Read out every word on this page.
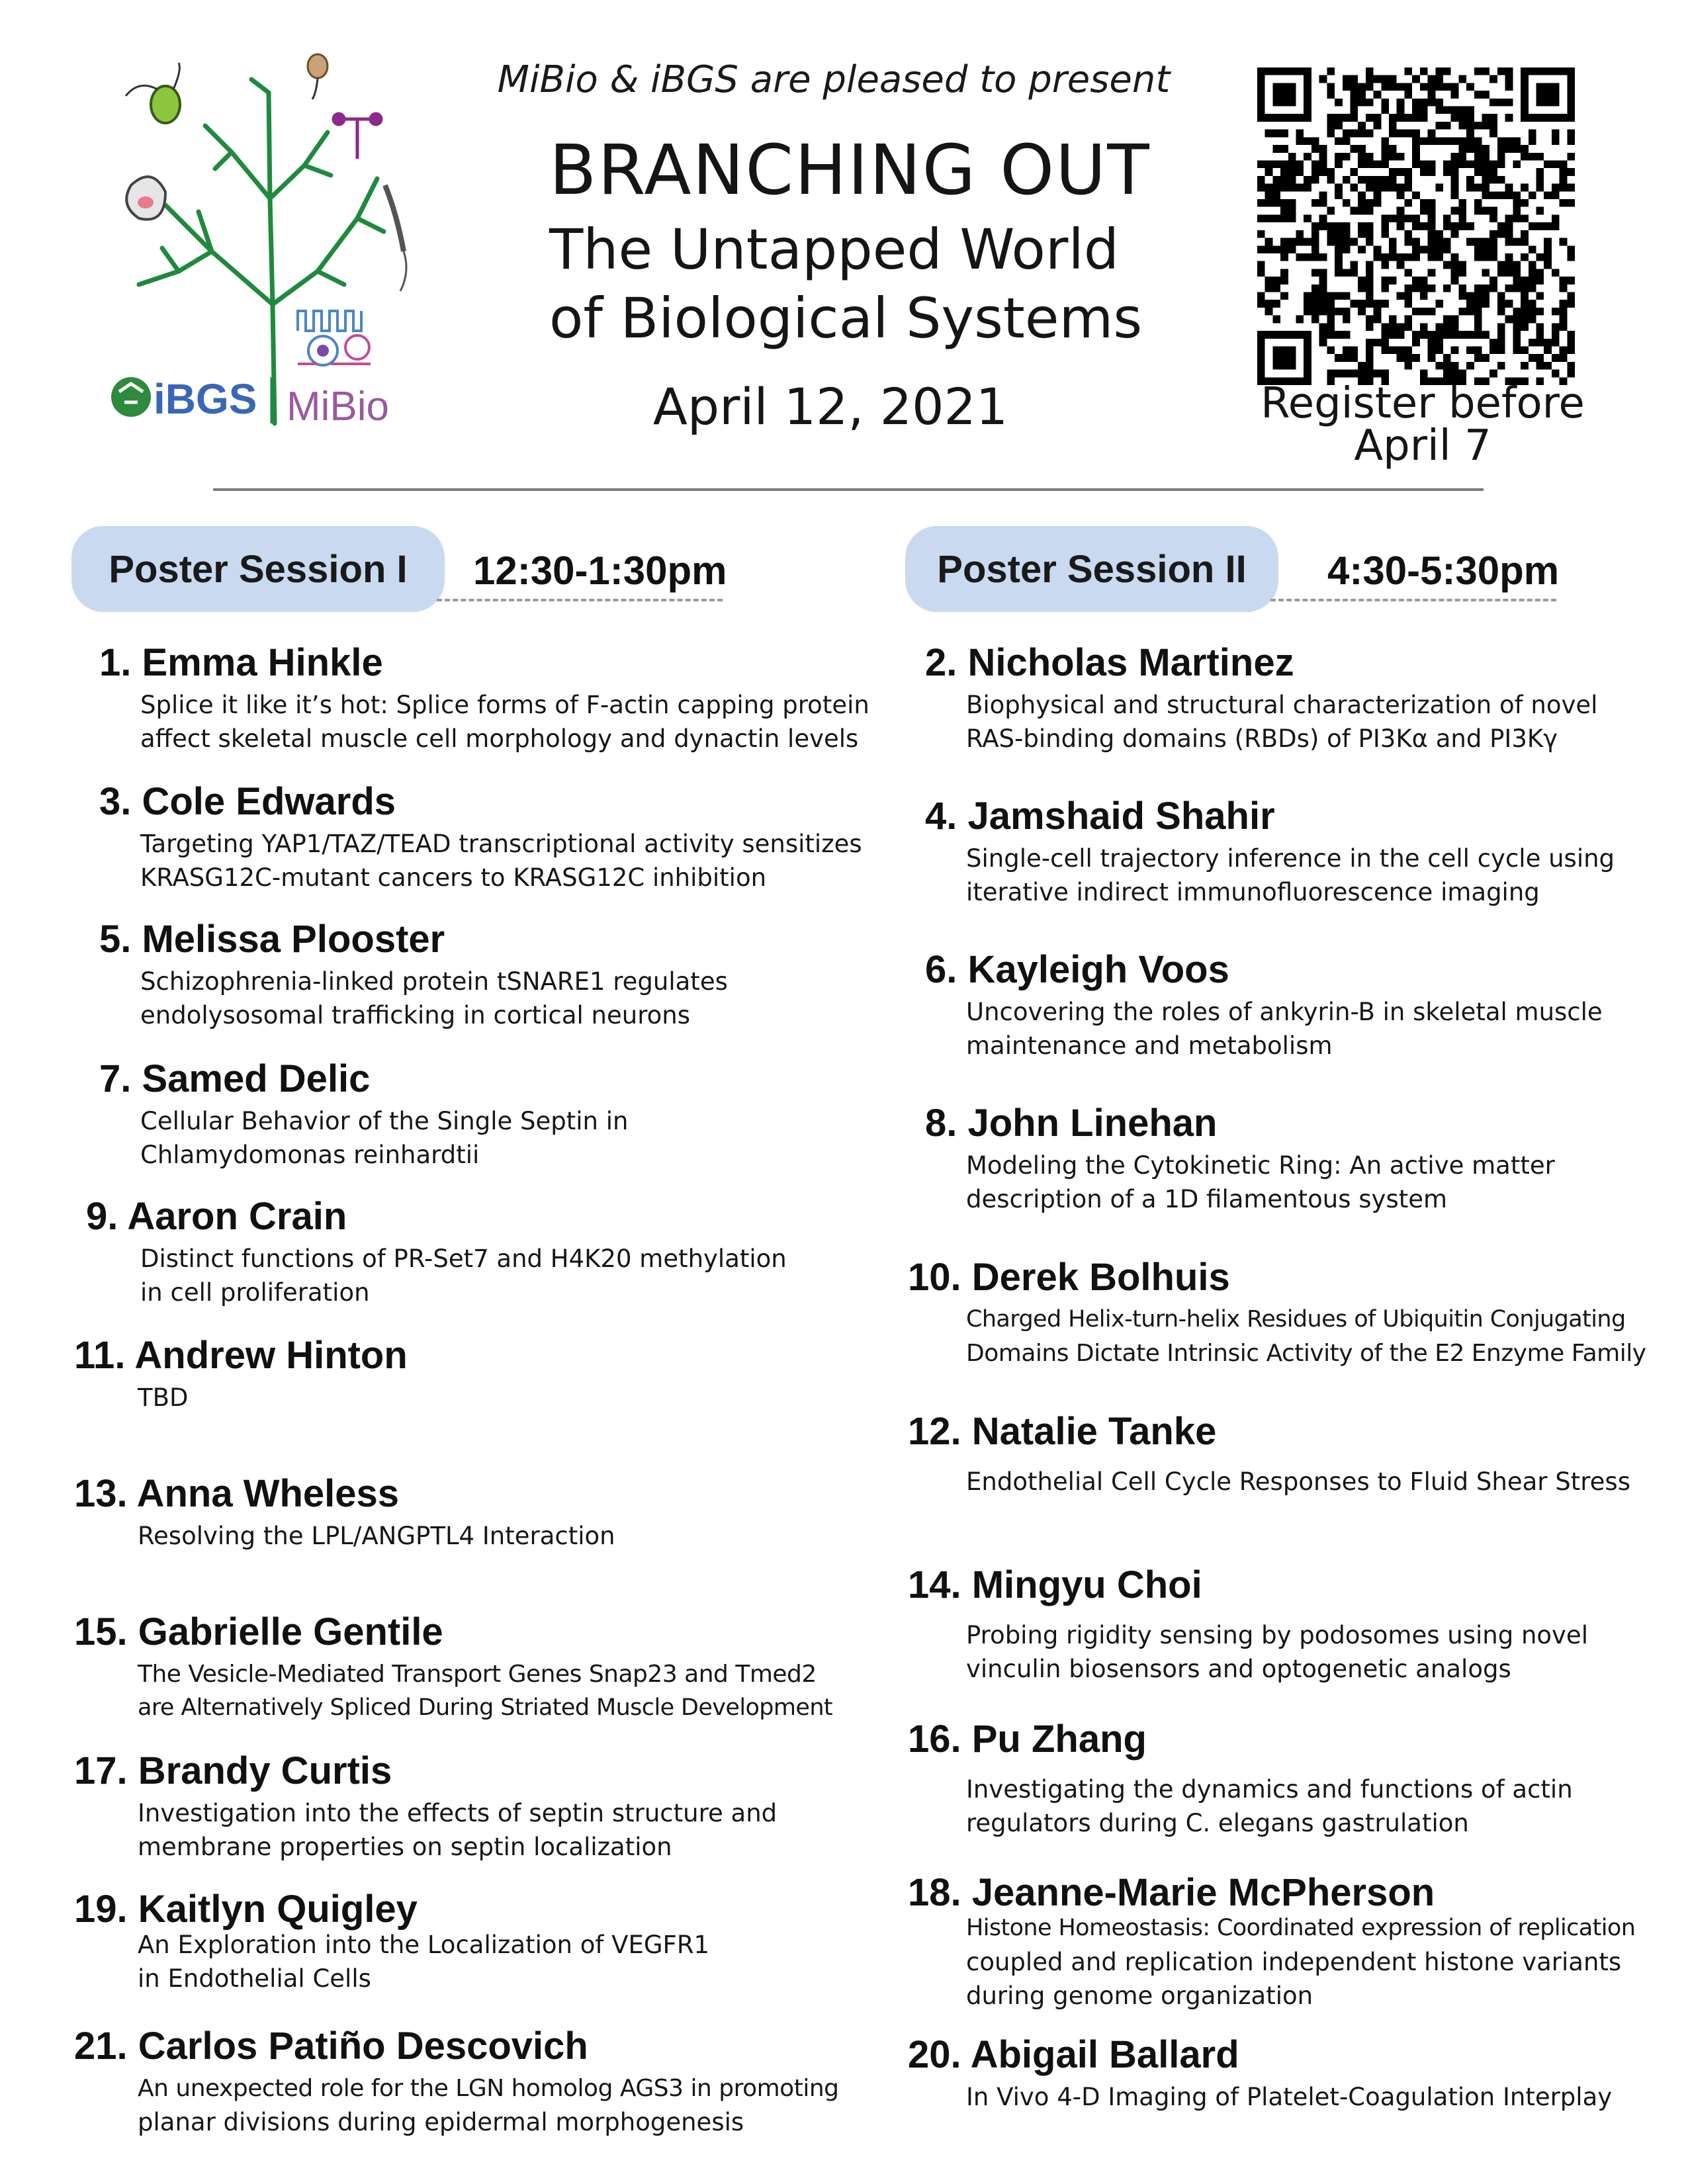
iBGS MiBio
MiBio & iBGS are pleased to present
BRANCHING OUT
The Untapped World
of Biological Systems
April 12, 2021	Register before
April 7
Poster Session I	12:30-1:30pm	Poster Session II	4:30-5:30pm
1. Emma Hinkle
Splice it like it’s hot: Splice forms of F-actin capping protein
affect skeletal muscle cell morphology and dynactin levels
3. Cole Edwards
Targeting YAP1/TAZ/TEAD transcriptional activity sensitizes
KRASG12C-mutant cancers to KRASG12C inhibition
5. Melissa Plooster
Schizophrenia-linked protein tSNARE1 regulates
endolysosomal trafficking in cortical neurons
7. Samed Delic
Cellular Behavior of the Single Septin in
Chlamydomonas reinhardtii
9. Aaron Crain
Distinct functions of PR-Set7 and H4K20 methylation
in cell proliferation
11. Andrew Hinton
TBD
13. Anna Wheless
Resolving the LPL/ANGPTL4 Interaction
15. Gabrielle Gentile
The Vesicle-Mediated Transport Genes Snap23 and Tmed2
are Alternatively Spliced During Striated Muscle Development
17. Brandy Curtis
Investigation into the effects of septin structure and
membrane properties on septin localization
19. Kaitlyn Quigley
An Exploration into the Localization of VEGFR1
in Endothelial Cells
21. Carlos Patiño Descovich
An unexpected role for the LGN homolog AGS3 in promoting
planar divisions during epidermal morphogenesis
2. Nicholas Martinez
Biophysical and structural characterization of novel
RAS-binding domains (RBDs) of PI3Kα and PI3Kγ
4. Jamshaid Shahir
Single-cell trajectory inference in the cell cycle using
iterative indirect immunofluorescence imaging
6. Kayleigh Voos
Uncovering the roles of ankyrin-B in skeletal muscle
maintenance and metabolism
8. John Linehan
Modeling the Cytokinetic Ring: An active matter
description of a 1D filamentous system
10. Derek Bolhuis
Charged Helix-turn-helix Residues of Ubiquitin Conjugating
Domains Dictate Intrinsic Activity of the E2 Enzyme Family
12. Natalie Tanke
Endothelial Cell Cycle Responses to Fluid Shear Stress
14. Mingyu Choi
Probing rigidity sensing by podosomes using novel
vinculin biosensors and optogenetic analogs
16. Pu Zhang
Investigating the dynamics and functions of actin
regulators during C. elegans gastrulation
18. Jeanne-Marie McPherson
Histone Homeostasis: Coordinated expression of replication
coupled and replication independent histone variants
during genome organization
20. Abigail Ballard
In Vivo 4-D Imaging of Platelet-Coagulation Interplay
